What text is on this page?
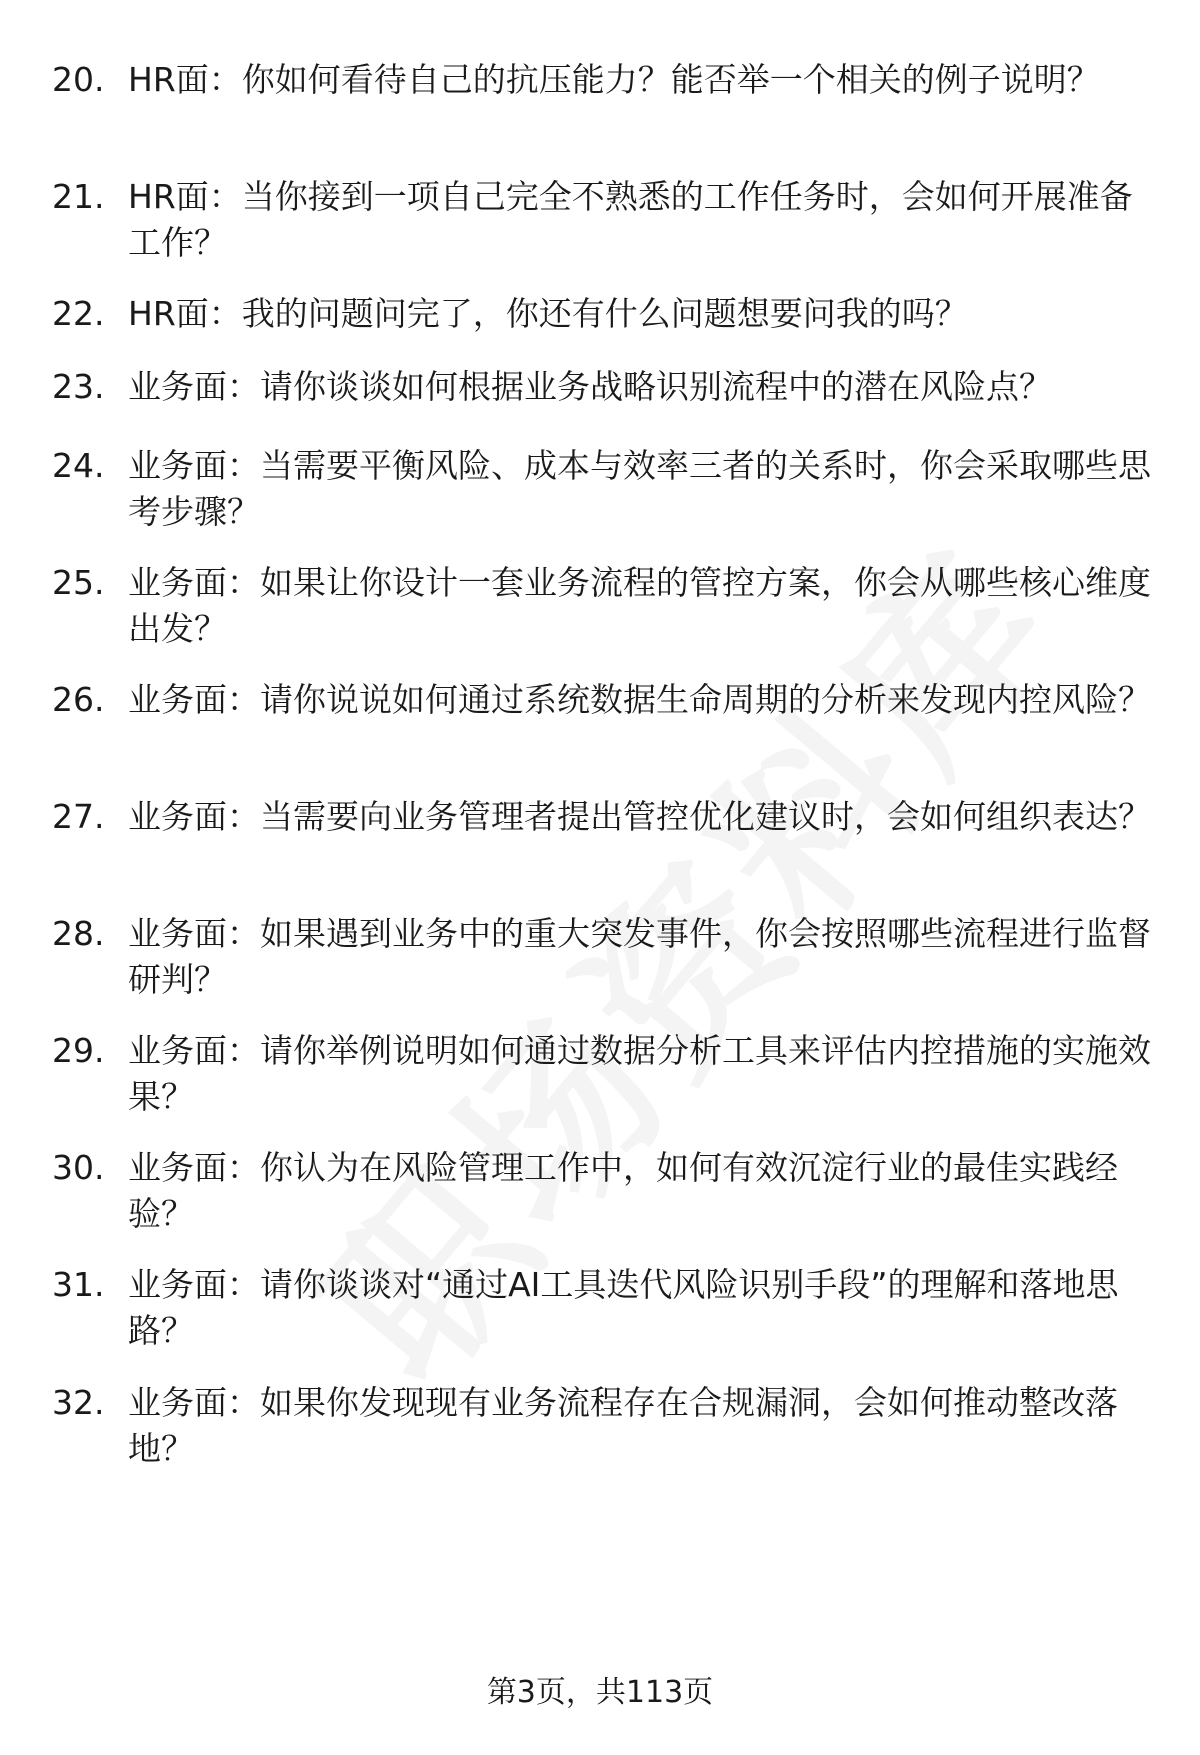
20. HR面：你如何看待自己的抗压能力？能否举一个相关的例子说明？
21. HR面：当你接到一项自己完全不熟悉的工作任务时，会如何开展准备工作？
22. HR面：我的问题问完了，你还有什么问题想要问我的吗？
23. 业务面：请你谈谈如何根据业务战略识别流程中的潜在风险点？
24. 业务面：当需要平衡风险、成本与效率三者的关系时，你会采取哪些思考步骤？
25. 业务面：如果让你设计一套业务流程的管控方案，你会从哪些核心维度出发？
26. 业务面：请你说说如何通过系统数据生命周期的分析来发现内控风险？
27. 业务面：当需要向业务管理者提出管控优化建议时，会如何组织表达？
28. 业务面：如果遇到业务中的重大突发事件，你会按照哪些流程进行监督研判？
29. 业务面：请你举例说明如何通过数据分析工具来评估内控措施的实施效果？
30. 业务面：你认为在风险管理工作中，如何有效沉淀行业的最佳实践经验？
31. 业务面：请你谈谈对“通过AI工具迭代风险识别手段”的理解和落地思路？
32. 业务面：如果你发现现有业务流程存在合规漏洞，会如何推动整改落地？
第3页，共113页
